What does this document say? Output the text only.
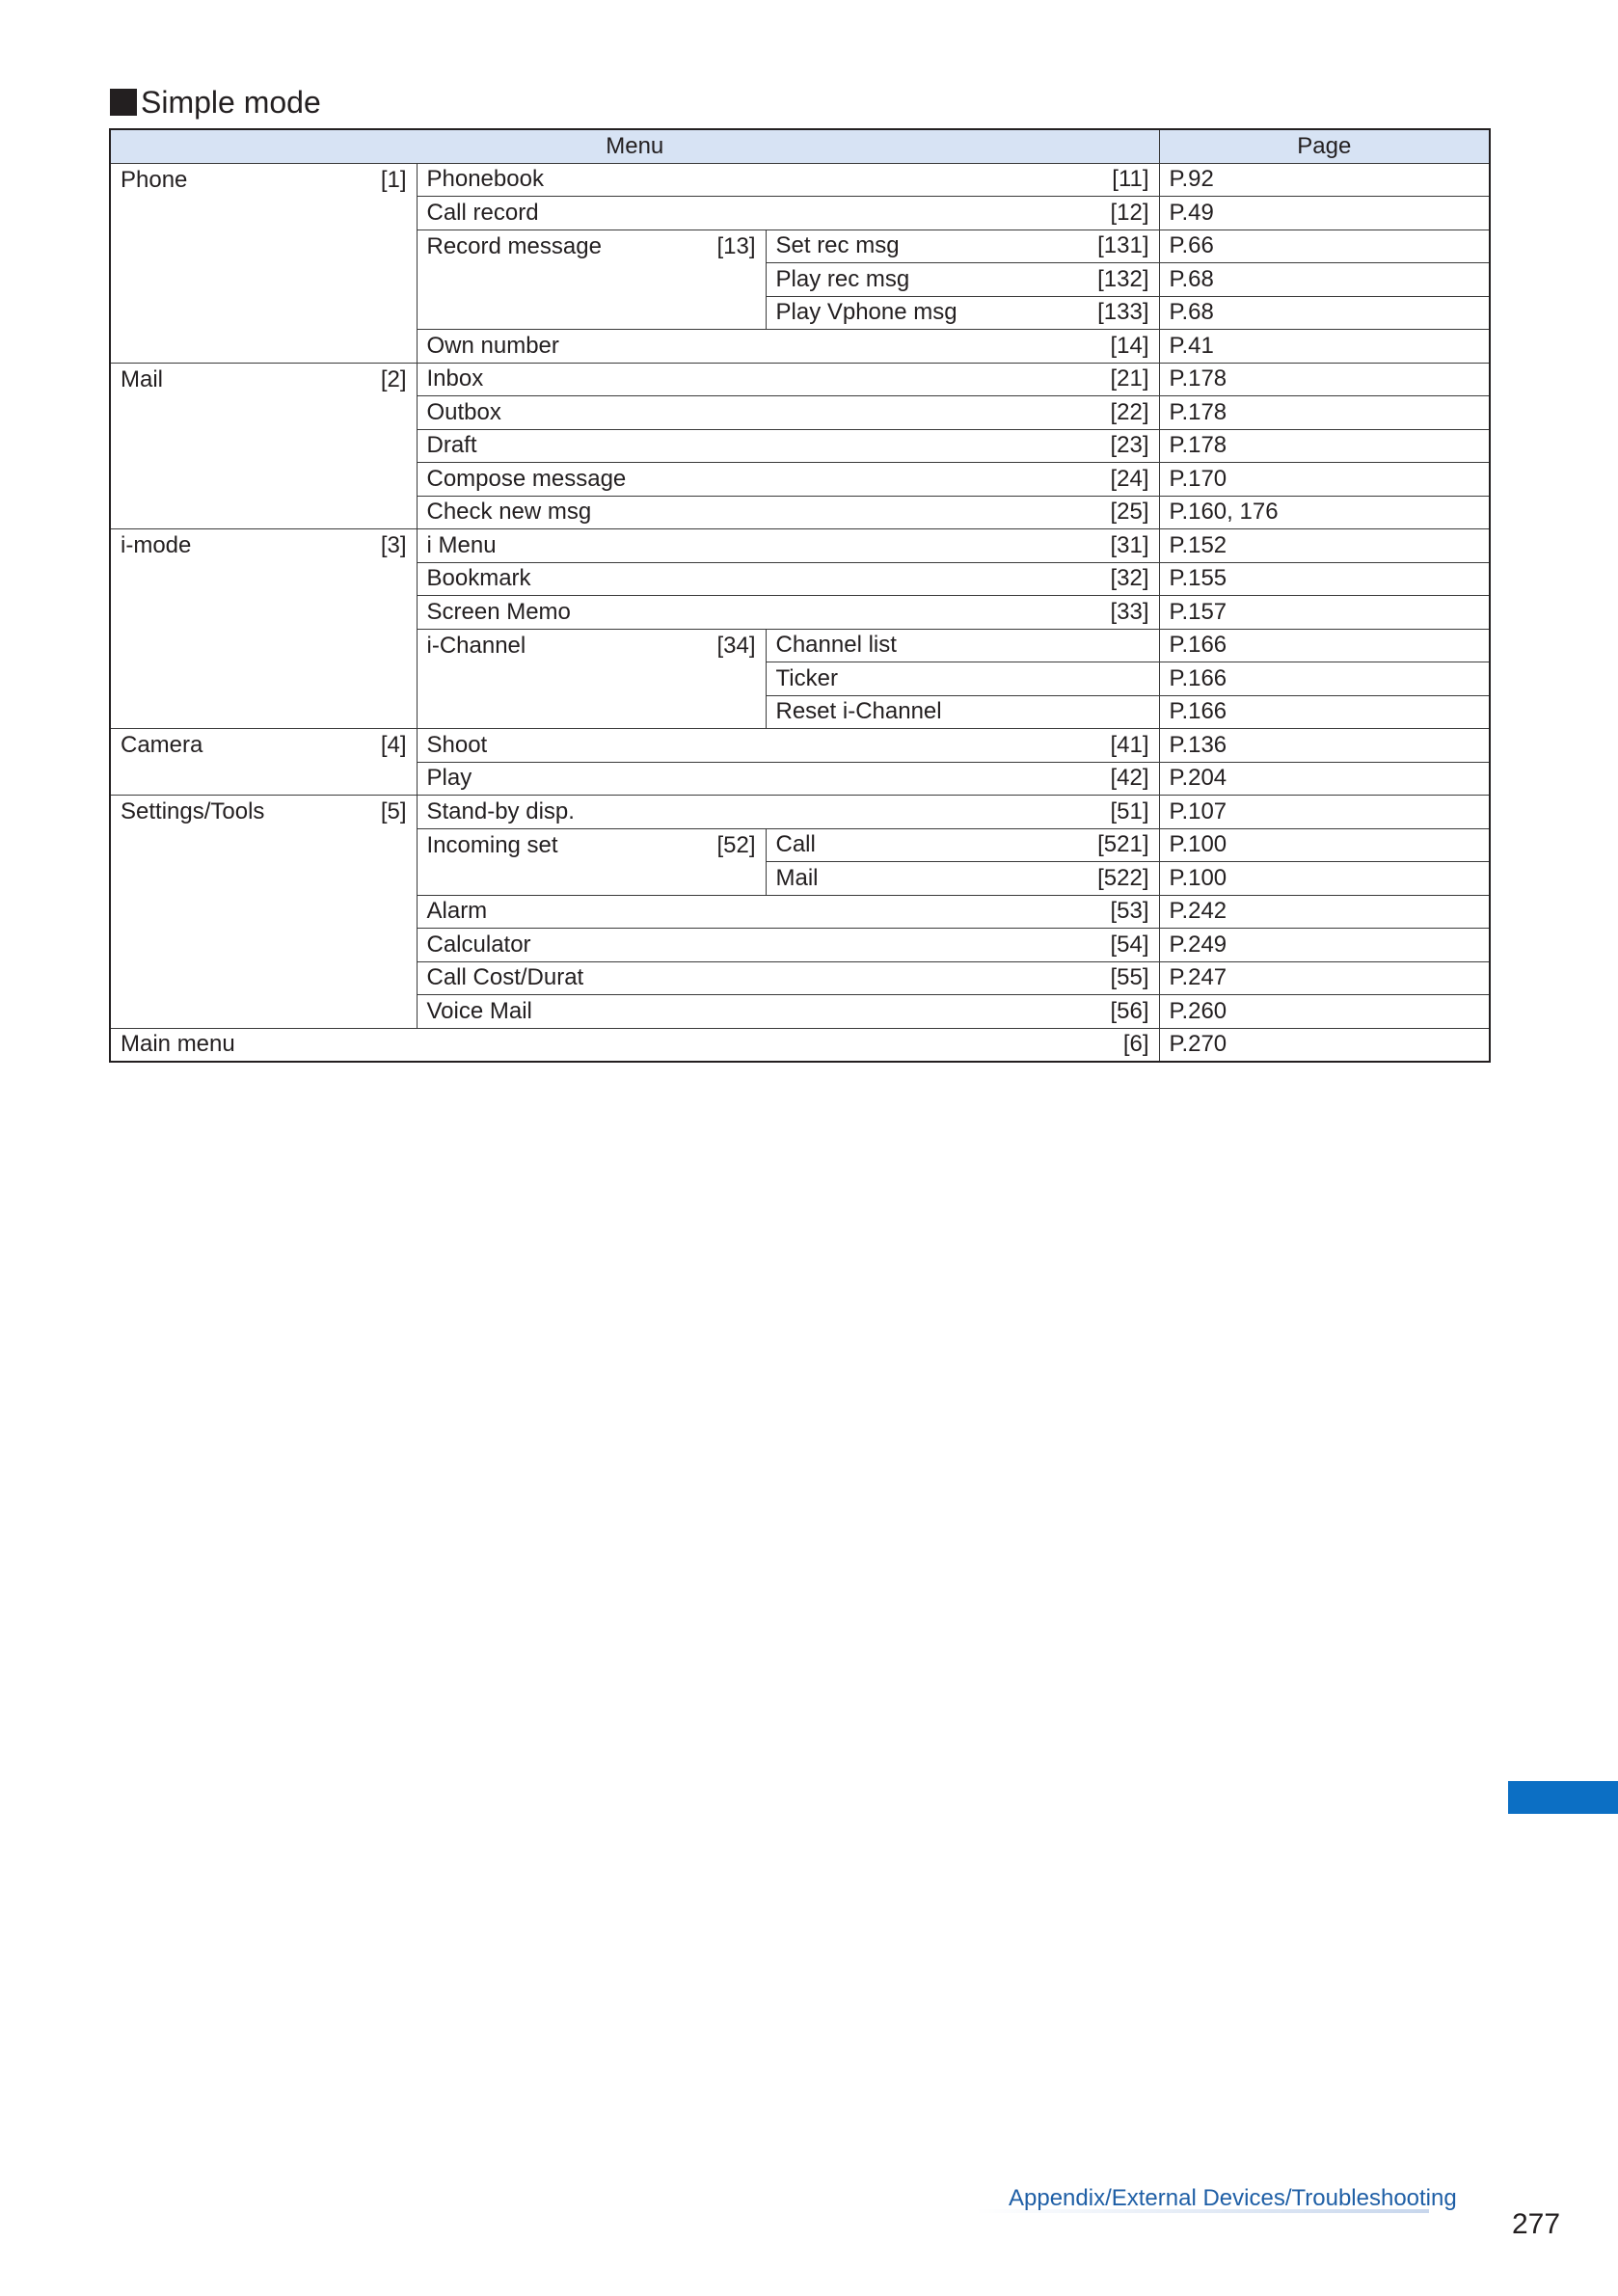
Simple mode
Menu			Page
Phone [1]	Phonebook [11]		P.92
	Call record [12]		P.49
	Record message [13]	Set rec msg [131]	P.66
		Play rec msg [132]	P.68
		Play Vphone msg [133]	P.68
	Own number [14]		P.41
Mail [2]	Inbox [21]		P.178
	Outbox [22]		P.178
	Draft [23]		P.178
	Compose message [24]		P.170
	Check new msg [25]		P.160, 176
i-mode [3]	i Menu [31]		P.152
	Bookmark [32]		P.155
	Screen Memo [33]		P.157
	i-Channel [34]	Channel list	P.166
		Ticker	P.166
		Reset i-Channel	P.166
Camera [4]	Shoot [41]		P.136
	Play [42]		P.204
Settings/Tools [5]	Stand-by disp. [51]		P.107
	Incoming set [52]	Call [521]	P.100
		Mail [522]	P.100
	Alarm [53]		P.242
	Calculator [54]		P.249
	Call Cost/Durat [55]		P.247
	Voice Mail [56]		P.260
Main menu [6]			P.270
Appendix/External Devices/Troubleshooting
277
